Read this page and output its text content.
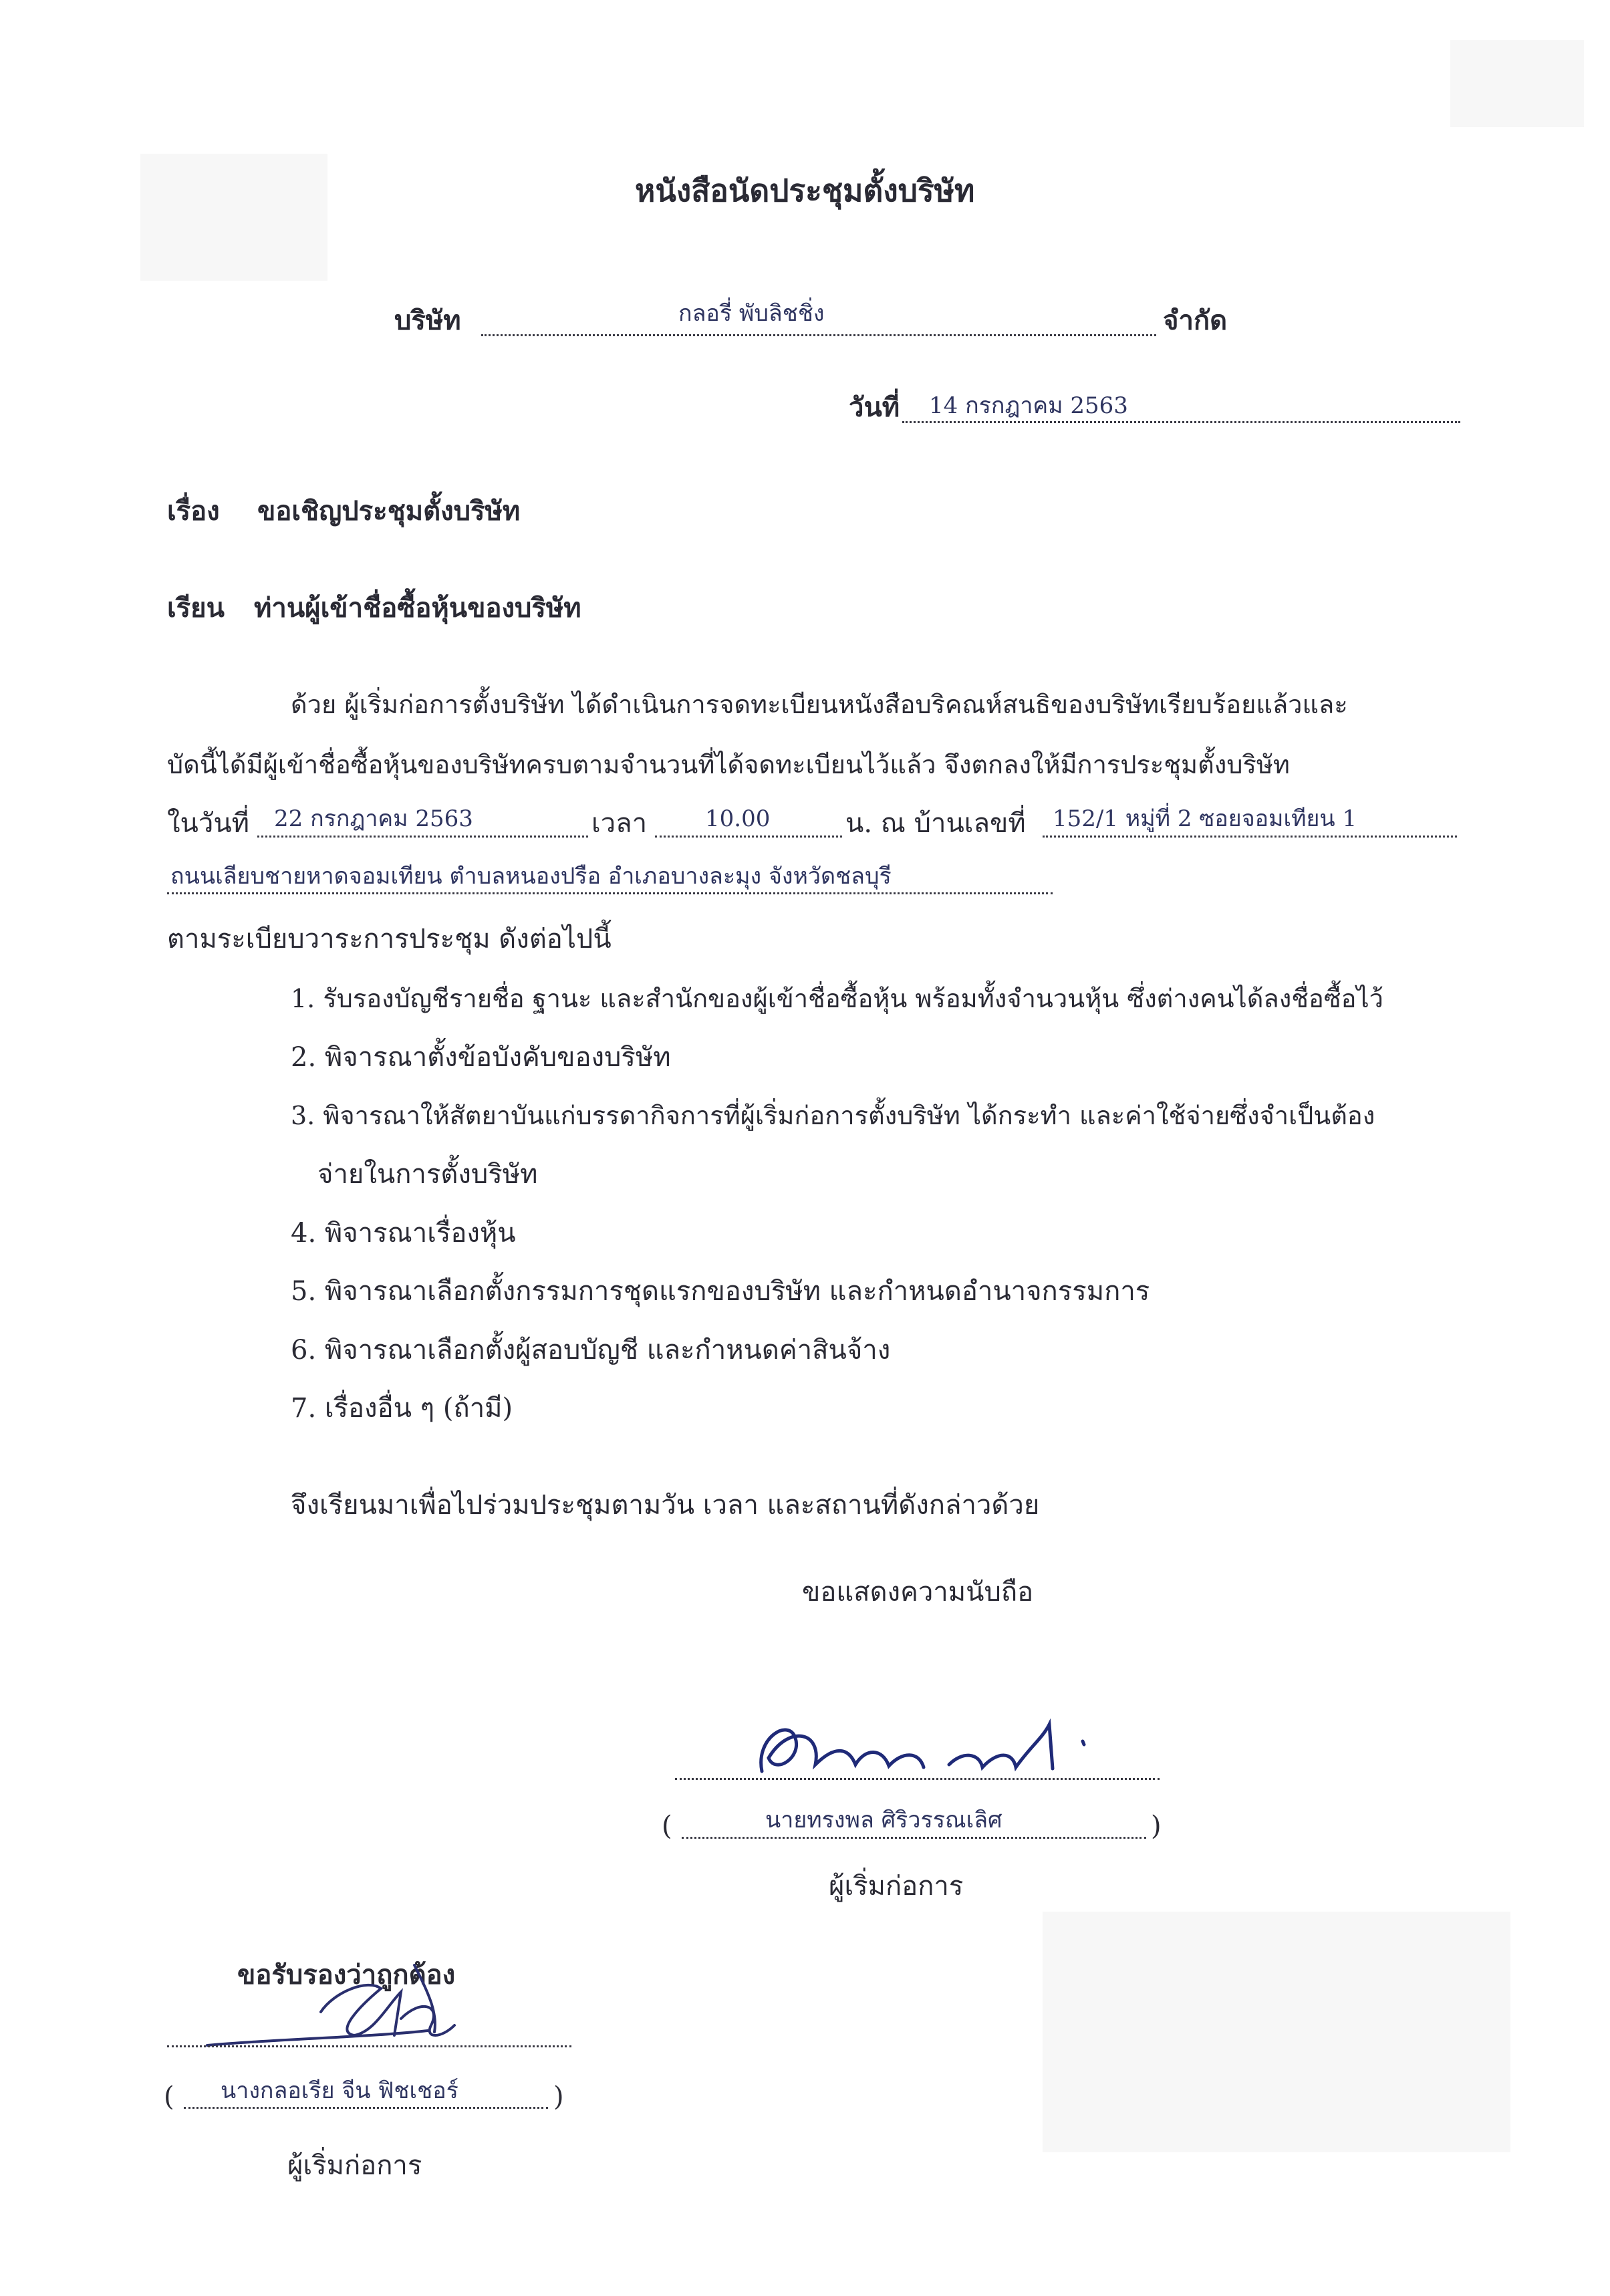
หนังสือนัดประชุมตั้งบริษัท
บริษัท	กลอรี่ พับลิชชิ่ง	จำกัด
วันที่ 14 กรกฎาคม 2563
เรื่อง ขอเชิญประชุมตั้งบริษัท
เรียน ท่านผู้เข้าชื่อซื้อหุ้นของบริษัท
ด้วย ผู้เริ่มก่อการตั้งบริษัท ได้ดำเนินการจดทะเบียนหนังสือบริคณห์สนธิของบริษัทเรียบร้อยแล้วและ
บัดนี้ได้มีผู้เข้าชื่อซื้อหุ้นของบริษัทครบตามจำนวนที่ได้จดทะเบียนไว้แล้ว จึงตกลงให้มีการประชุมตั้งบริษัท
ในวันที่ 22 กรกฎาคม 2563	เวลา	10.00	น. ณ บ้านเลขที่ 152/1 หมู่ที่ 2 ซอยจอมเทียน 1
ถนนเลียบชายหาดจอมเทียน ตำบลหนองปรือ อำเภอบางละมุง จังหวัดชลบุรี
ตามระเบียบวาระการประชุม ดังต่อไปนี้
1. รับรองบัญชีรายชื่อ ฐานะ และสำนักของผู้เข้าชื่อซื้อหุ้น พร้อมทั้งจำนวนหุ้น ซึ่งต่างคนได้ลงชื่อซื้อไว้
2. พิจารณาตั้งข้อบังคับของบริษัท
3. พิจารณาให้สัตยาบันแก่บรรดากิจการที่ผู้เริ่มก่อการตั้งบริษัท ได้กระทำ และค่าใช้จ่ายซึ่งจำเป็นต้อง
จ่ายในการตั้งบริษัท
4. พิจารณาเรื่องหุ้น
5. พิจารณาเลือกตั้งกรรมการชุดแรกของบริษัท และกำหนดอำนาจกรรมการ
6. พิจารณาเลือกตั้งผู้สอบบัญชี และกำหนดค่าสินจ้าง
7. เรื่องอื่น ๆ (ถ้ามี)
จึงเรียนมาเพื่อไปร่วมประชุมตามวัน เวลา และสถานที่ดังกล่าวด้วย
ขอแสดงความนับถือ
(	นายทรงพล ศิริวรรณเลิศ	)
ผู้เริ่มก่อการ
ขอรับรองว่าถูกต้อง
( นางกลอเรีย จีน ฟิชเชอร์	)
ผู้เริ่มก่อการ
